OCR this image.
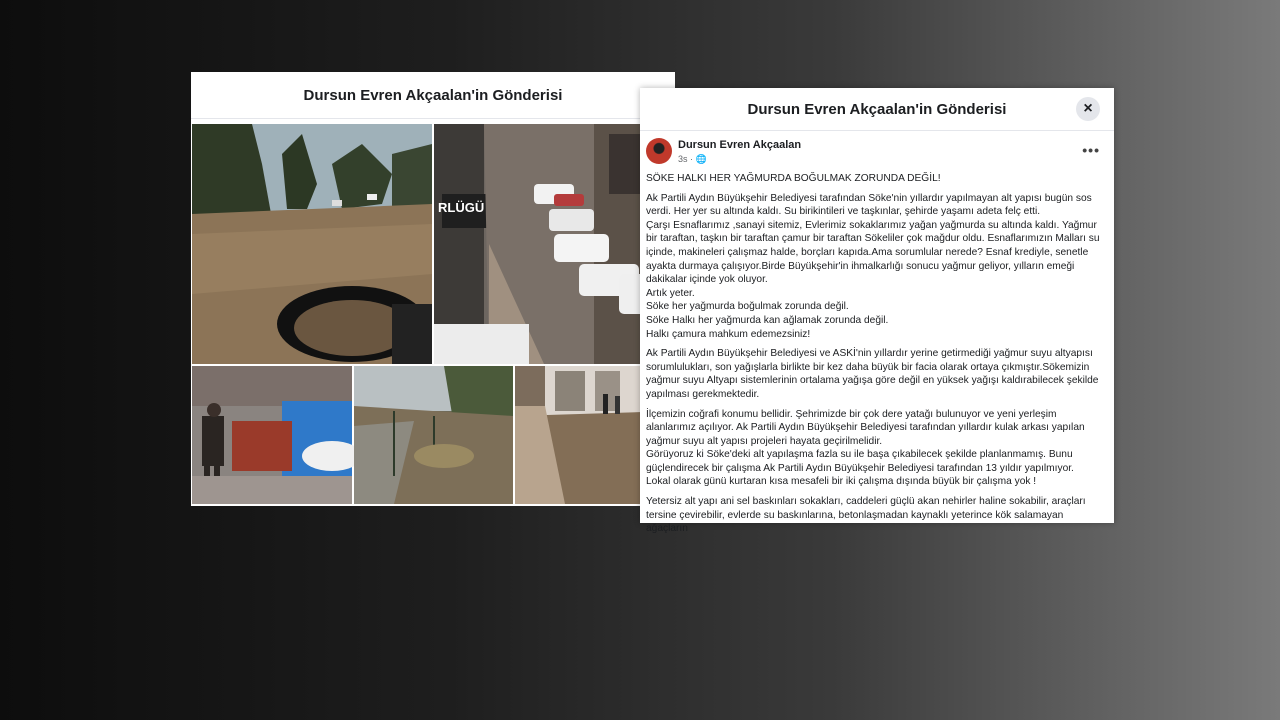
Dursun Evren Akçaalan'in Gönderisi
RLÜGÜ
Dursun Evren Akçaalan'in Gönderisi	×
Dursun Evren Akçaalan
3s · 🌐
•••

SÖKE HALKI HER YAĞMURDA BOĞULMAK ZORUNDA DEĞİL!

Ak Partili Aydın Büyükşehir Belediyesi tarafından Söke'nin yıllardır yapılmayan alt yapısı bugün sos verdi. Her yer su altında kaldı. Su birikintileri ve taşkınlar, şehirde yaşamı adeta felç etti.
Çarşı Esnaflarımız ,sanayi sitemiz, Evlerimiz sokaklarımız yağan yağmurda su altında kaldı. Yağmur bir taraftan, taşkın bir taraftan çamur bir taraftan Sökeliler çok mağdur oldu. Esnaflarımızın Malları su içinde, makineleri çalışmaz halde, borçları kapıda.Ama sorumlular nerede? Esnaf krediyle, senetle ayakta durmaya çalışıyor.Birde Büyükşehir'in ihmalkarlığı sonucu yağmur geliyor, yılların emeği dakikalar içinde yok oluyor.
Artık yeter.
Söke her yağmurda boğulmak zorunda değil.
Söke Halkı her yağmurda kan ağlamak zorunda değil.
Halkı çamura mahkum edemezsiniz!

Ak Partili Aydın Büyükşehir Belediyesi ve ASKİ'nin yıllardır yerine getirmediği yağmur suyu altyapısı sorumlulukları, son yağışlarla birlikte bir kez daha büyük bir facia olarak ortaya çıkmıştır.Sökemizin yağmur suyu Altyapı sistemlerinin ortalama yağışa göre değil en yüksek yağışı kaldırabilecek şekilde yapılması gerekmektedir.

İlçemizin coğrafi konumu bellidir. Şehrimizde bir çok dere yatağı bulunuyor ve yeni yerleşim alanlarımız açılıyor. Ak Partili Aydın Büyükşehir Belediyesi tarafından yıllardır kulak arkası yapılan yağmur suyu alt yapısı projeleri hayata geçirilmelidir.
Görüyoruz ki Söke'deki alt yapılaşma fazla su ile başa çıkabilecek şekilde planlanmamış. Bunu güçlendirecek bir çalışma Ak Partili Aydın Büyükşehir Belediyesi tarafından 13 yıldır yapılmıyor.
Lokal olarak günü kurtaran kısa mesafeli bir iki çalışma dışında büyük bir çalışma yok !

Yetersiz alt yapı ani sel baskınları sokakları, caddeleri güçlü akan nehirler haline sokabilir, araçları tersine çevirebilir, evlerde su baskınlarına, betonlaşmadan kaynaklı yeterince kök salamayan ağaçların
